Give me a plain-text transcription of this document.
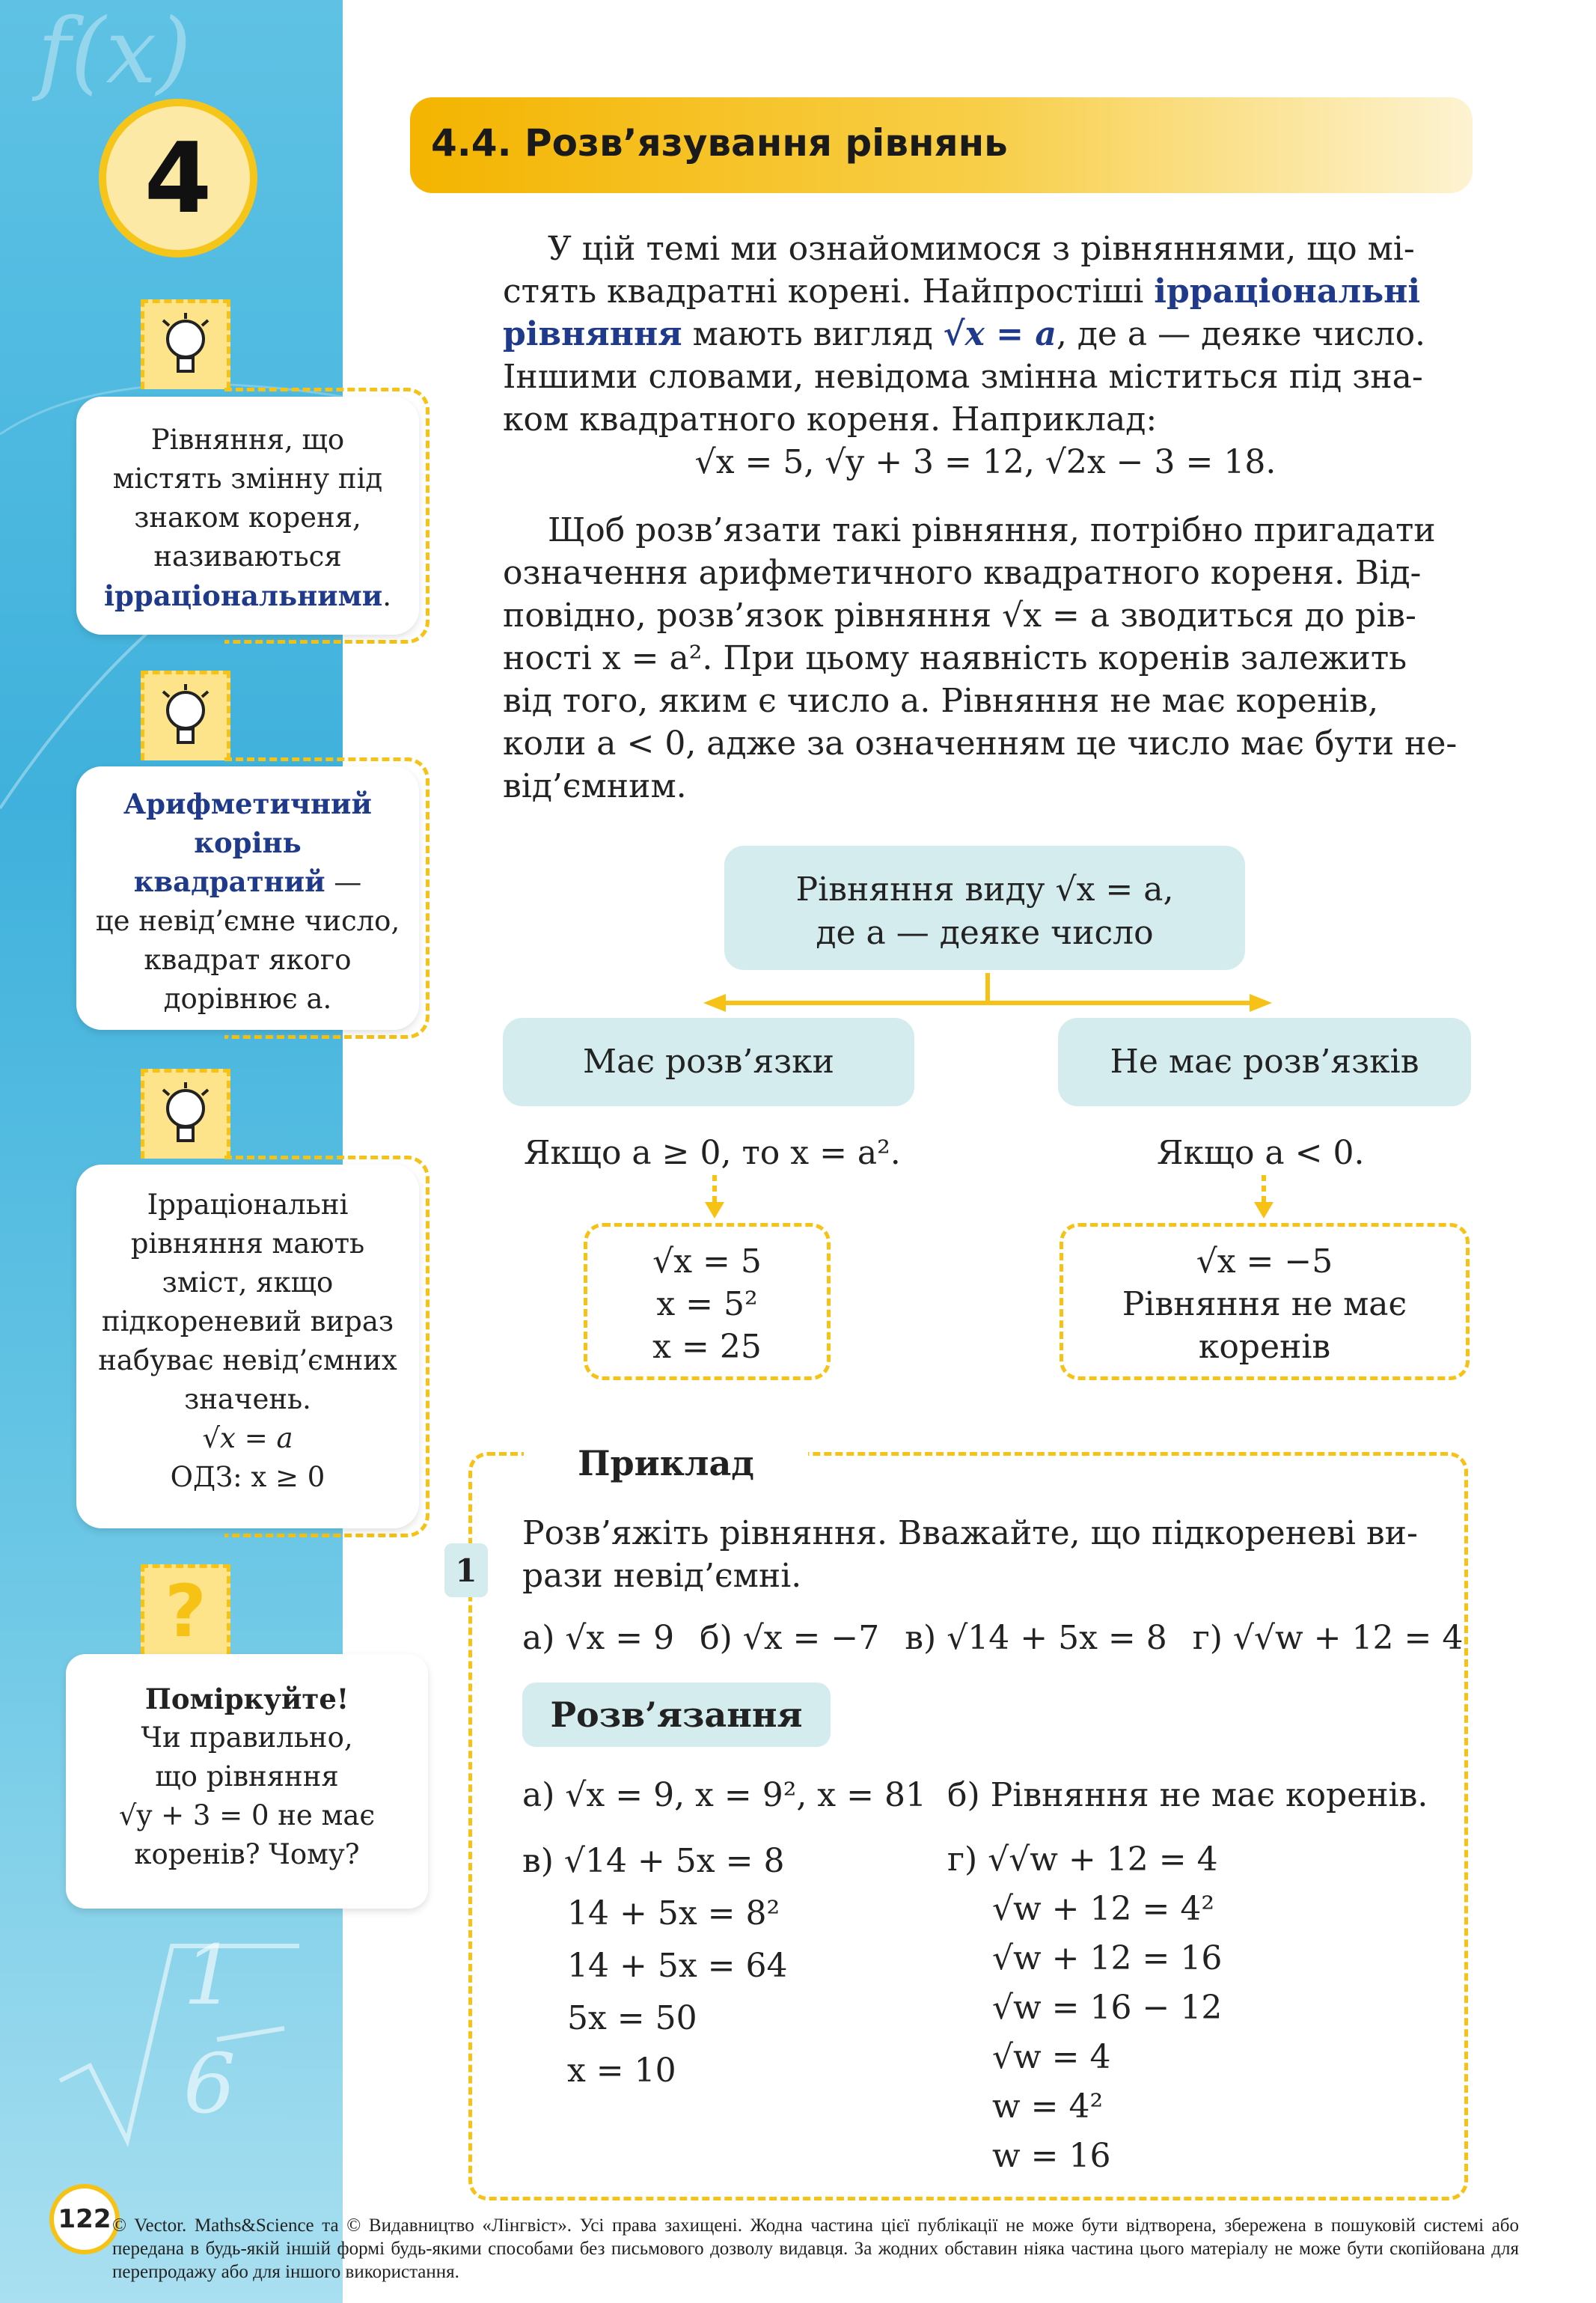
f(x)
1
6
4
Рівняння, що
містять змінну під
знаком кореня,
називаються
ірраціональними.
Арифметичний
корінь
квадратний —
це невід’ємне число,
квадрат якого
дорівнює a.
Ірраціональні
рівняння мають
зміст, якщо
підкореневий вираз
набуває невід’ємних
значень.
√x = a
ОДЗ: x ≥ 0
?
Поміркуйте!
Чи правильно,
що рівняння
√y + 3 = 0 не має
коренів? Чому?
4.4. Розв’язування рівнянь
У цій темі ми ознайомимося з рівняннями, що мі-
стять квадратні корені. Найпростіші ірраціональні
рівняння мають вигляд √x = a, де a — деяке число.
Іншими словами, невідома змінна міститься під зна-
ком квадратного кореня. Наприклад:
√x = 5, √y + 3 = 12, √2x − 3 = 18.
Щоб розв’язати такі рівняння, потрібно пригадати
означення арифметичного квадратного кореня. Від-
повідно, розв’язок рівняння √x = a зводиться до рів-
ності x = a². При цьому наявність коренів залежить
від того, яким є число a. Рівняння не має коренів,
коли a < 0, адже за означенням це число має бути не-
від’ємним.
Рівняння виду √x = a,
де a — деяке число
Має розв’язки	Не має розв’язків
Якщо a ≥ 0, то x = a².	Якщо a < 0.
√x = 5
x = 5²
x = 25
√x = −5
Рівняння не має
коренів
Приклад
1
Розв’яжіть рівняння. Вважайте, що підкореневі ви-
рази невід’ємні.
а) √x = 9 б) √x = −7 в) √14 + 5x = 8 г) √√w + 12 = 4
Розв’язання
а) √x = 9, x = 9², x = 81 б) Рівняння не має коренів.
в) √14 + 5x = 8
14 + 5x = 8²
14 + 5x = 64
5x = 50
x = 10
г) √√w + 12 = 4
√w + 12 = 4²
√w + 12 = 16
√w = 16 − 12
√w = 4
w = 4²
w = 16
122 © Vector. Maths&Science та © Видавництво «Лінгвіст». Усі права захищені. Жодна частина цієї публікації не може бути відтворена, збережена в пошуковій системі або передана в будь-якій іншій формі будь-якими способами без письмового дозволу видавця. За жодних обставин ніяка частина цього матеріалу не може бути скопійована для перепродажу або для іншого використання.
